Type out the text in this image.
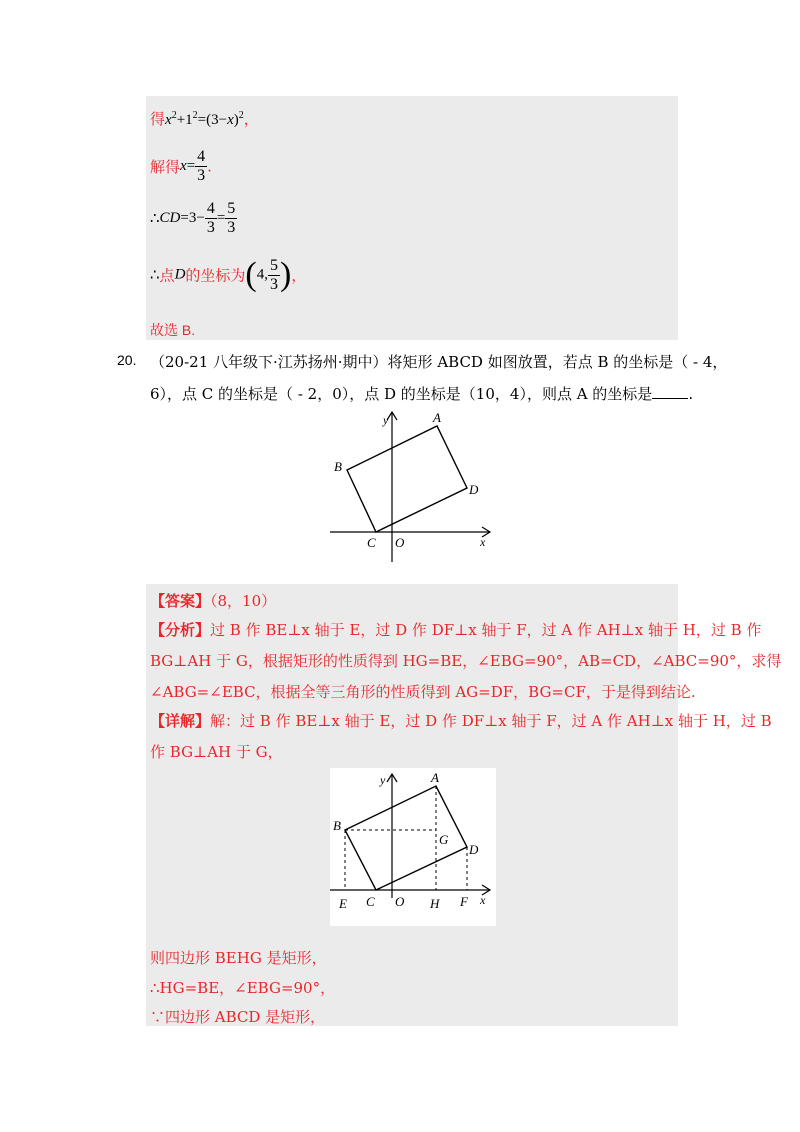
得$x^2+1^2=(3-x)^2$，
解得$x= \frac{4}{3}$ .
∴CD=3− $\frac{4}{3} = \frac{5}{3}$
∴点D的坐标为(4, $\frac{5}{3}$ )，
故选 B.
20. （20-21 八年级下·江苏扬州·期中）将矩形 ABCD 如图放置，若点 B 的坐标是（ - 4，
6），点 C 的坐标是（ - 2，0），点 D 的坐标是（10，4），则点 A 的坐标是 .
y
x
A
B
C
D
O
【答案】（8，10）
【分析】过 B 作 BE⊥x 轴于 E，过 D 作 DF⊥x 轴于 F，过 A 作 AH⊥x 轴于 H，过 B 作
BG⊥AH 于 G，根据矩形的性质得到 HG=BE，∠EBG=90°，AB=CD，∠ABC=90°，求得
∠ABG=∠EBC，根据全等三角形的性质得到 AG=DF，BG=CF，于是得到结论.
【详解】解：过 B 作 BE⊥x 轴于 E，过 D 作 DF⊥x 轴于 F，过 A 作 AH⊥x 轴于 H，过 B
作 BG⊥AH 于 G，
y
x
A
B
C
D
O
E
G
H F
则四边形 BEHG 是矩形，
∴HG=BE，∠EBG=90°，
∵四边形 ABCD 是矩形，
